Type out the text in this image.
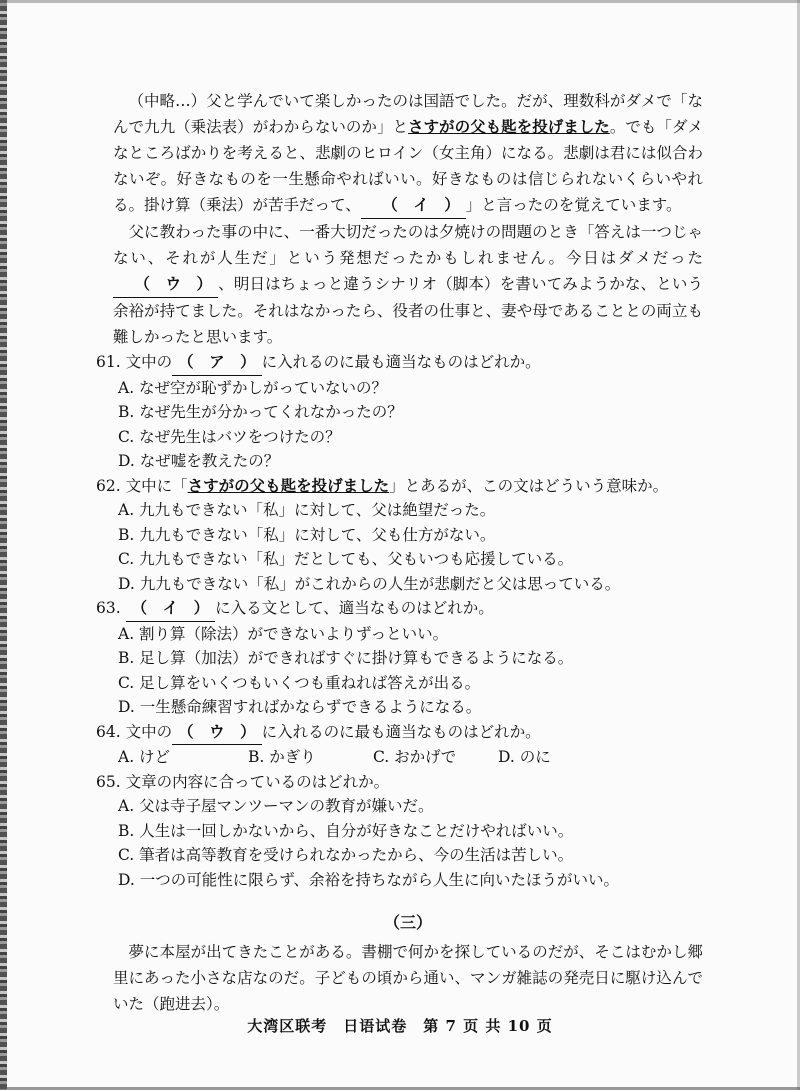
（中略…）父と学んでいて楽しかったのは国語でした。だが、理数科がダメで「なんで九九（乗法表）がわからないのか」とさすがの父も匙を投げました。でも「ダメなところばかりを考えると、悲劇のヒロイン（女主角）になる。悲劇は君には似合わないぞ。好きなものを一生懸命やればいい。好きなものは信じられないくらいやれる。掛け算（乗法）が苦手だって、 （　イ　） 」と言ったのを覚えています。

父に教わった事の中に、一番大切だったのは夕焼けの問題のとき「答えは一つじゃない、それが人生だ」という発想だったかもしれません。今日はダメだった（　ウ　） 、明日はちょっと違うシナリオ（脚本）を書いてみようかな、という余裕が持てました。それはなかったら、役者の仕事と、妻や母であることとの両立も難しかったと思います。

61. 文中の （　ア　） に入れるのに最も適当なものはどれか。

A. なぜ空が恥ずかしがっていないの？

B. なぜ先生が分かってくれなかったの？

C. なぜ先生はバツをつけたの？

D. なぜ嘘を教えたの？

62. 文中に「さすがの父も匙を投げました」とあるが、この文はどういう意味か。

A. 九九もできない「私」に対して、父は絶望だった。

B. 九九もできない「私」に対して、父も仕方がない。

C. 九九もできない「私」だとしても、父もいつも応援している。

D. 九九もできない「私」がこれからの人生が悲劇だと父は思っている。

63. （　イ　） に入る文として、適当なものはどれか。

A. 割り算（除法）ができないよりずっといい。

B. 足し算（加法）ができればすぐに掛け算もできるようになる。

C. 足し算をいくつもいくつも重ねれば答えが出る。

D. 一生懸命練習すればかならずできるようになる。

64. 文中の （　ウ　） に入れるのに最も適当なものはどれか。

A. けど	B. かぎり	C. おかげで	D. のに

65. 文章の内容に合っているのはどれか。

A. 父は寺子屋マンツーマンの教育が嫌いだ。

B. 人生は一回しかないから、自分が好きなことだけやればいい。

C. 筆者は高等教育を受けられなかったから、今の生活は苦しい。

D. 一つの可能性に限らず、余裕を持ちながら人生に向いたほうがいい。

（三）

夢に本屋が出てきたことがある。書棚で何かを探しているのだが、そこはむかし郷里にあった小さな店なのだ。子どもの頃から通い、マンガ雑誌の発売日に駆け込んでいた（跑进去）。

大湾区联考　日语试卷　第 7 页 共 10 页
